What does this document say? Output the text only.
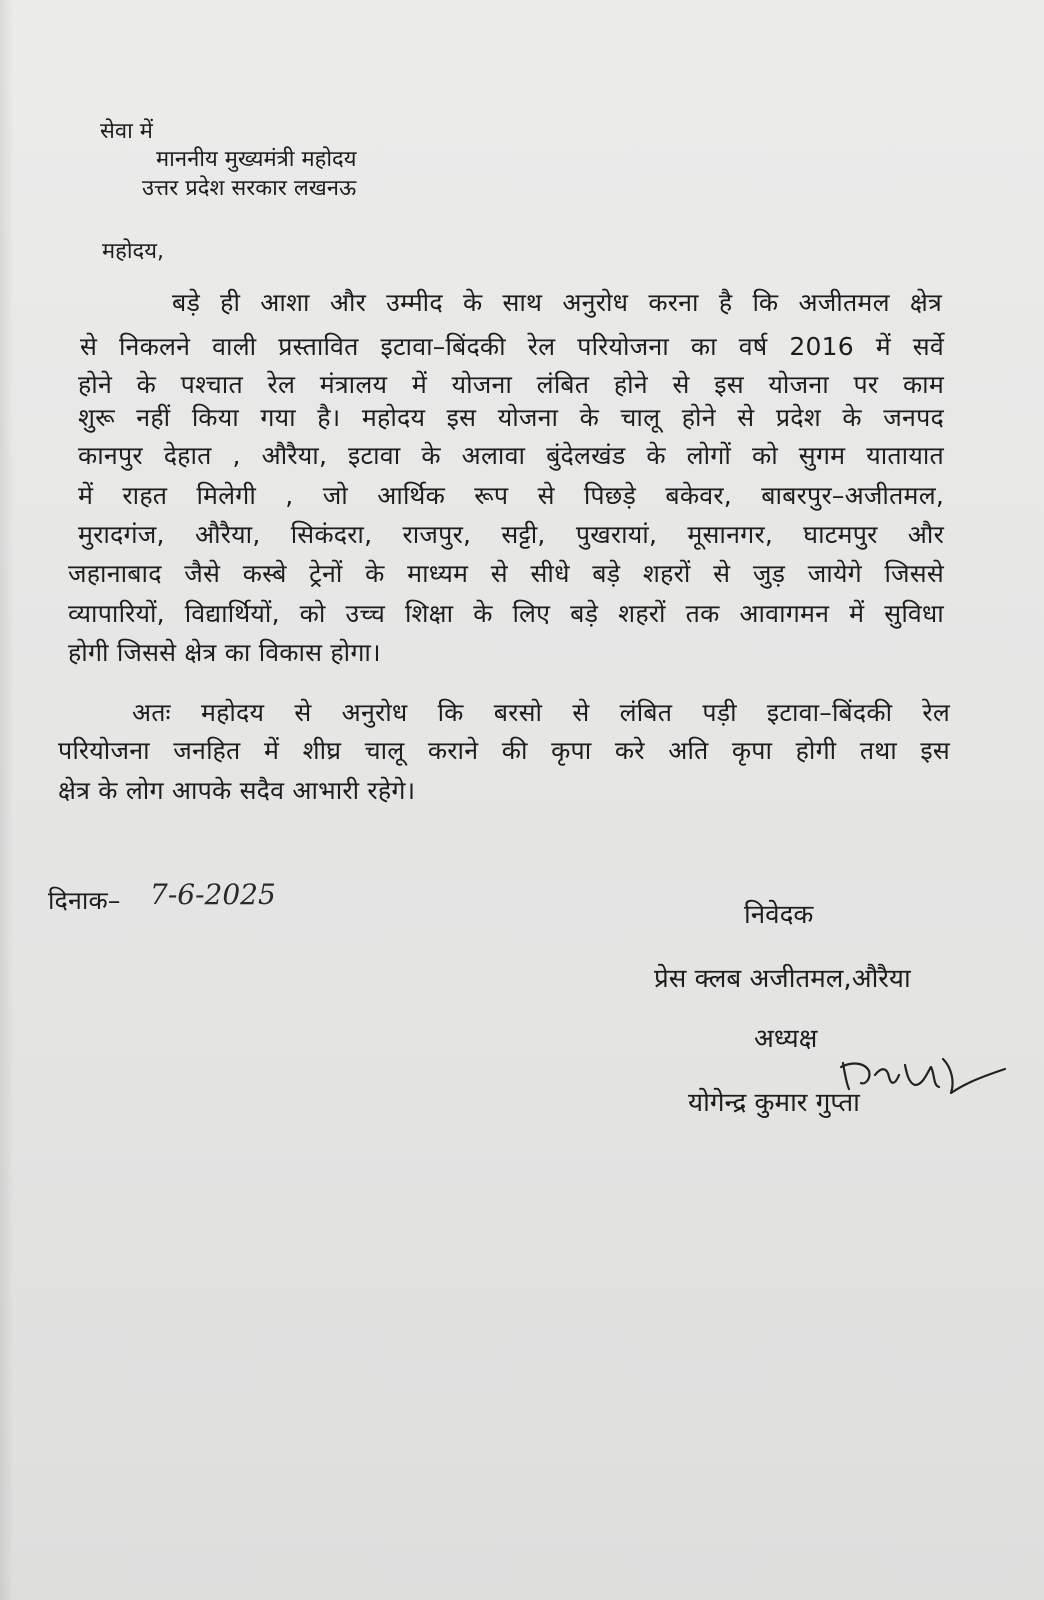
सेवा में

माननीय मुख्यमंत्री महोदय

उत्तर प्रदेश सरकार लखनऊ

महोदय,

बड़े ही आशा और उम्मीद के साथ अनुरोध करना है कि अजीतमल क्षेत्र

से निकलने वाली प्रस्तावित इटावा–बिंदकी रेल परियोजना का वर्ष 2016 में सर्वे

होने के पश्चात रेल मंत्रालय में योजना लंबित होने से इस योजना पर काम

शुरू नहीं किया गया है। महोदय इस योजना के चालू होने से प्रदेश के जनपद

कानपुर देहात , औरैया, इटावा के अलावा बुंदेलखंड के लोगों को सुगम यातायात

में राहत मिलेगी , जो आर्थिक रूप से पिछड़े बकेवर, बाबरपुर–अजीतमल,

मुरादगंज, औरैया, सिकंदरा, राजपुर, सट्टी, पुखरायां, मूसानगर, घाटमपुर और

जहानाबाद जैसे कस्बे ट्रेनों के माध्यम से सीधे बड़े शहरों से जुड़ जायेगे जिससे

व्यापारियों, विद्यार्थियों, को उच्च शिक्षा के लिए बड़े शहरों तक आवागमन में सुविधा

होगी जिससे क्षेत्र का विकास होगा।

अतः महोदय से अनुरोध कि बरसो से लंबित पड़ी इटावा–बिंदकी रेल

परियोजना जनहित में शीघ्र चालू कराने की कृपा करे अति कृपा होगी तथा इस

क्षेत्र के लोग आपके सदैव आभारी रहेगे।

दिनाक– 7-6-2025

निवेदक

प्रेस क्लब अजीतमल,औरैया

अध्यक्ष

योगेन्द्र कुमार गुप्ता
